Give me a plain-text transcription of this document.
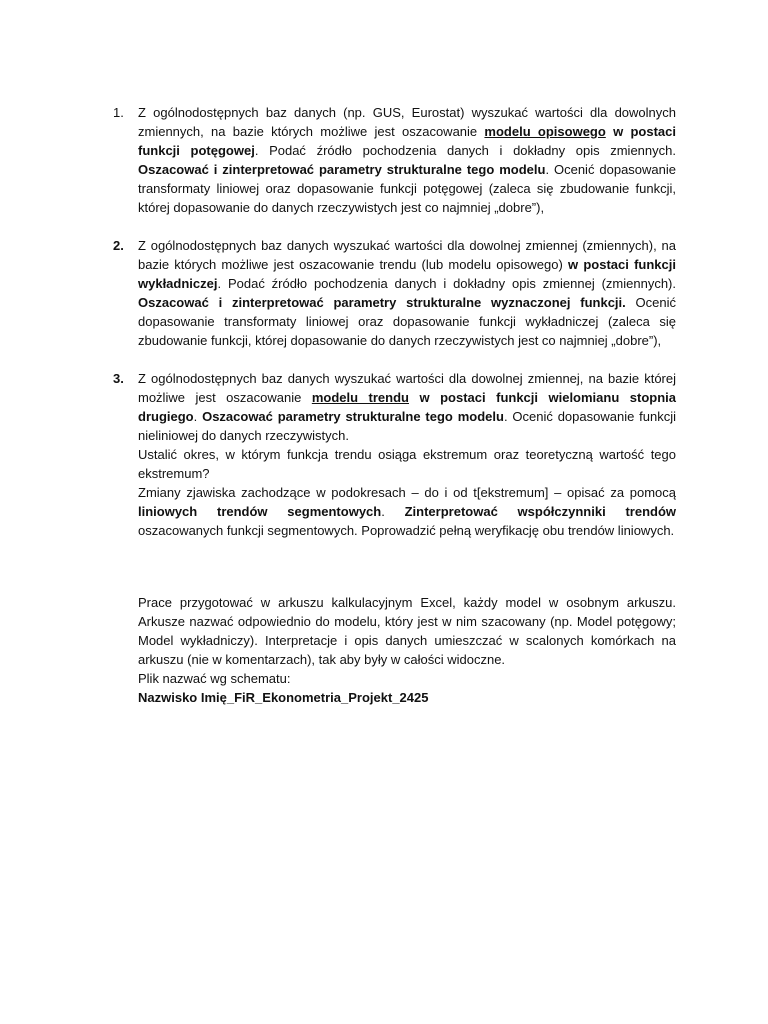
1.	Z ogólnodostępnych baz danych (np. GUS, Eurostat) wyszukać wartości dla dowolnych zmiennych, na bazie których możliwe jest oszacowanie modelu opisowego w postaci funkcji potęgowej. Podać źródło pochodzenia danych i dokładny opis zmiennych. Oszacować i zinterpretować parametry strukturalne tego modelu. Ocenić dopasowanie transformaty liniowej oraz dopasowanie funkcji potęgowej (zaleca się zbudowanie funkcji, której dopasowanie do danych rzeczywistych jest co najmniej „dobre”),

2.	Z ogólnodostępnych baz danych wyszukać wartości dla dowolnej zmiennej (zmiennych), na bazie których możliwe jest oszacowanie trendu (lub modelu opisowego) w postaci funkcji wykładniczej. Podać źródło pochodzenia danych i dokładny opis zmiennej (zmiennych). Oszacować i zinterpretować parametry strukturalne wyznaczonej funkcji. Ocenić dopasowanie transformaty liniowej oraz dopasowanie funkcji wykładniczej (zaleca się zbudowanie funkcji, której dopasowanie do danych rzeczywistych jest co najmniej „dobre”),

3.	Z ogólnodostępnych baz danych wyszukać wartości dla dowolnej zmiennej, na bazie której możliwe jest oszacowanie modelu trendu w postaci funkcji wielomianu stopnia drugiego. Oszacować parametry strukturalne tego modelu. Ocenić dopasowanie funkcji nieliniowej do danych rzeczywistych.

Ustalić okres, w którym funkcja trendu osiąga ekstremum oraz teoretyczną wartość tego ekstremum?

Zmiany zjawiska zachodzące w podokresach – do i od t[ekstremum] – opisać za pomocą liniowych trendów segmentowych. Zinterpretować współczynniki trendów oszacowanych funkcji segmentowych. Poprowadzić pełną weryfikację obu trendów liniowych.

Prace przygotować w arkuszu kalkulacyjnym Excel, każdy model w osobnym arkuszu. Arkusze nazwać odpowiednio do modelu, który jest w nim szacowany (np. Model potęgowy; Model wykładniczy). Interpretacje i opis danych umieszczać w scalonych komórkach na arkuszu (nie w komentarzach), tak aby były w całości widoczne.

Plik nazwać wg schematu:

Nazwisko Imię_FiR_Ekonometria_Projekt_2425
